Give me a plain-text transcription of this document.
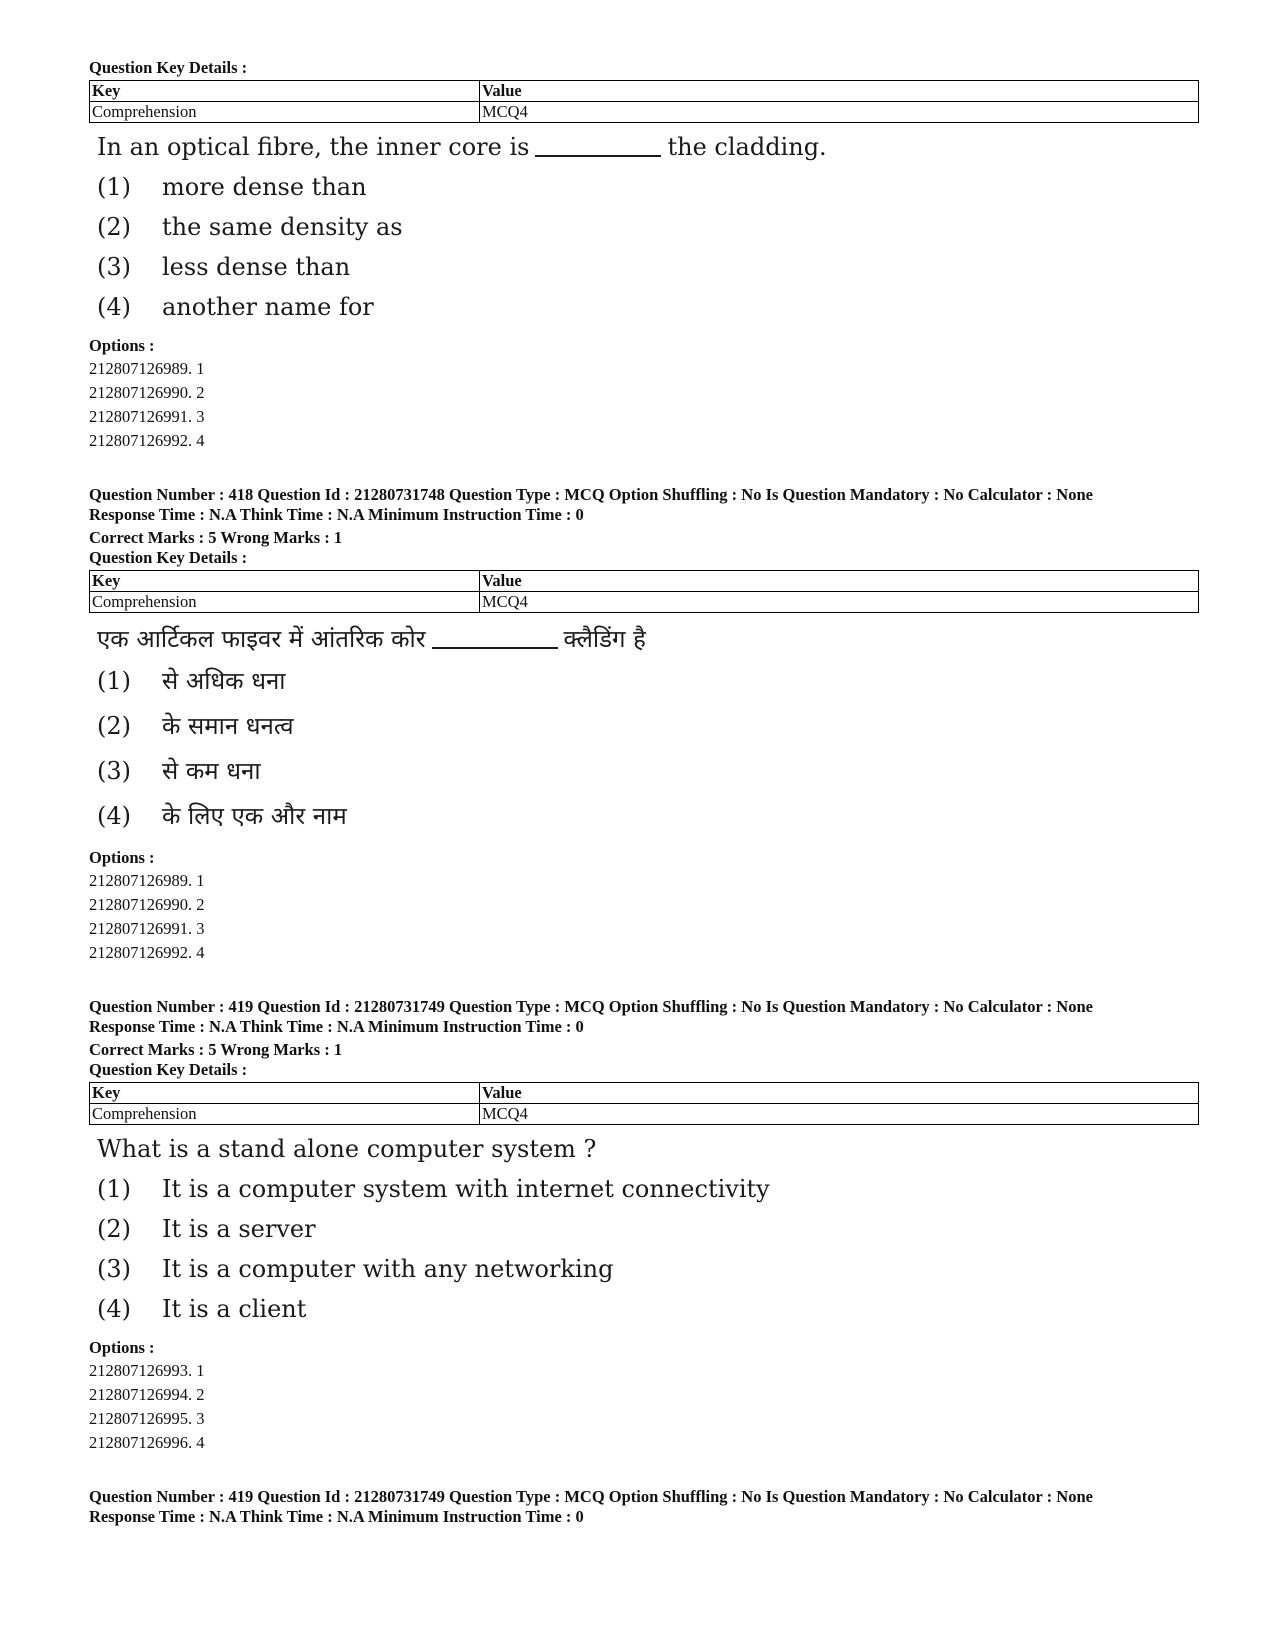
Question Key Details :
Key	Value
Comprehension	MCQ4
In an optical fibre, the inner core is	the cladding.
(1) more dense than
(2) the same density as
(3) less dense than
(4) another name for
Options :
212807126989. 1
212807126990. 2
212807126991. 3
212807126992. 4
Question Number : 418 Question Id : 21280731748 Question Type : MCQ Option Shuffling : No Is Question Mandatory : No Calculator : None
Response Time : N.A Think Time : N.A Minimum Instruction Time : 0
Correct Marks : 5 Wrong Marks : 1
Question Key Details :
Key	Value
Comprehension	MCQ4
एक आर्टिकल फाइवर में आंतरिक कोर	क्लैडिंग है
(1) से अधिक धना
(2) के समान धनत्व
(3) से कम धना
(4) के लिए एक और नाम
Options :
212807126989. 1
212807126990. 2
212807126991. 3
212807126992. 4
Question Number : 419 Question Id : 21280731749 Question Type : MCQ Option Shuffling : No Is Question Mandatory : No Calculator : None
Response Time : N.A Think Time : N.A Minimum Instruction Time : 0
Correct Marks : 5 Wrong Marks : 1
Question Key Details :
Key	Value
Comprehension	MCQ4
What is a stand alone computer system ?
(1) It is a computer system with internet connectivity
(2) It is a server
(3) It is a computer with any networking
(4) It is a client
Options :
212807126993. 1
212807126994. 2
212807126995. 3
212807126996. 4
Question Number : 419 Question Id : 21280731749 Question Type : MCQ Option Shuffling : No Is Question Mandatory : No Calculator : None
Response Time : N.A Think Time : N.A Minimum Instruction Time : 0
